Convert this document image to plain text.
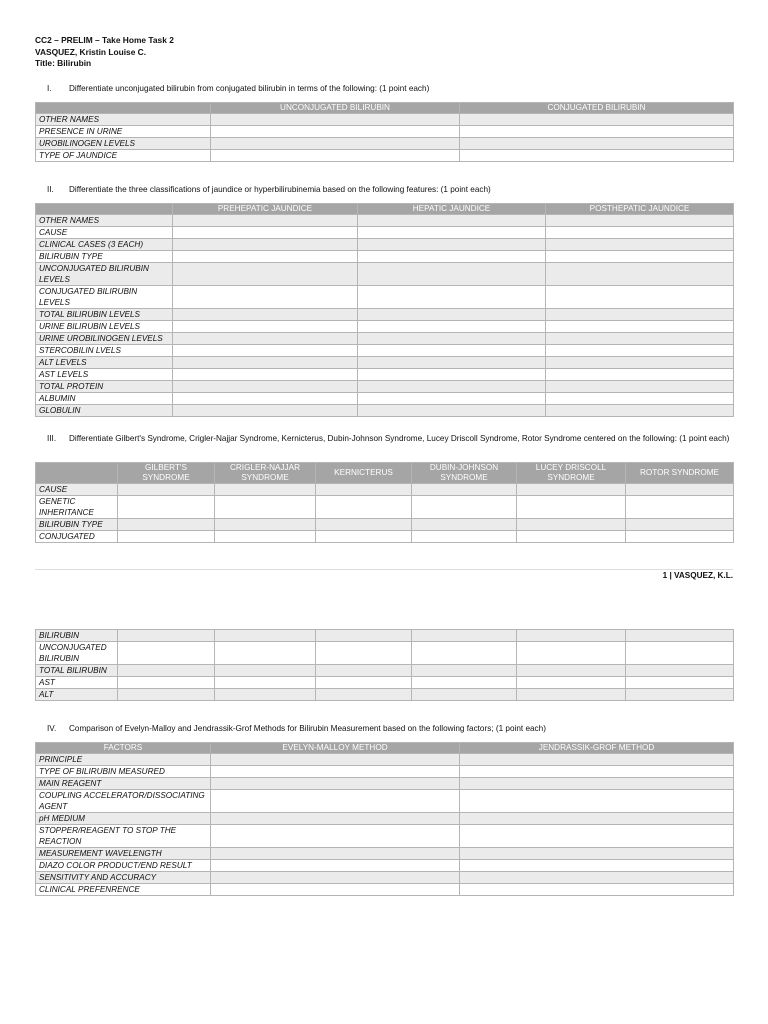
CC2 – PRELIM – Take Home Task 2
VASQUEZ, Kristin Louise C.
Title: Bilirubin
I. Differentiate unconjugated bilirubin from conjugated bilirubin in terms of the following: (1 point each)
	UNCONJUGATED BILIRUBIN	CONJUGATED BILIRUBIN
OTHER NAMES		
PRESENCE IN URINE		
UROBILINOGEN LEVELS		
TYPE OF JAUNDICE		
II. Differentiate the three classifications of jaundice or hyperbilirubinemia based on the following features: (1 point each)
	PREHEPATIC JAUNDICE	HEPATIC JAUNDICE	POSTHEPATIC JAUNDICE
OTHER NAMES			
CAUSE			
CLINICAL CASES (3 EACH)			
BILIRUBIN TYPE			
UNCONJUGATED BILIRUBIN LEVELS			
CONJUGATED BILIRUBIN LEVELS			
TOTAL BILIRUBIN LEVELS			
URINE BILIRUBIN LEVELS			
URINE UROBILINOGEN LEVELS			
STERCOBILIN LVELS			
ALT LEVELS			
AST LEVELS			
TOTAL PROTEIN			
ALBUMIN			
GLOBULIN			
III. Differentiate Gilbert's Syndrome, Crigler-Najjar Syndrome, Kernicterus, Dubin-Johnson Syndrome, Lucey Driscoll Syndrome, Rotor Syndrome centered on the following: (1 point each)
	GILBERT'S SYNDROME	CRIGLER-NAJJAR SYNDROME	KERNICTERUS	DUBIN-JOHNSON SYNDROME	LUCEY DRISCOLL SYNDROME	ROTOR SYNDROME
CAUSE						
GENETIC INHERITANCE						
BILIRUBIN TYPE						
CONJUGATED						
1 | VASQUEZ, K.L.
BILIRUBIN						
UNCONJUGATED BILIRUBIN						
TOTAL BILIRUBIN						
AST						
ALT						
IV. Comparison of Evelyn-Malloy and Jendrassik-Grof Methods for Bilirubin Measurement based on the following factors; (1 point each)
FACTORS	EVELYN-MALLOY METHOD	JENDRASSIK-GROF METHOD
PRINCIPLE		
TYPE OF BILIRUBIN MEASURED		
MAIN REAGENT		
COUPLING ACCELERATOR/DISSOCIATING AGENT		
pH MEDIUM		
STOPPER/REAGENT TO STOP THE REACTION		
MEASUREMENT WAVELENGTH		
DIAZO COLOR PRODUCT/END RESULT		
SENSITIVITY AND ACCURACY		
CLINICAL PREFENRENCE		
